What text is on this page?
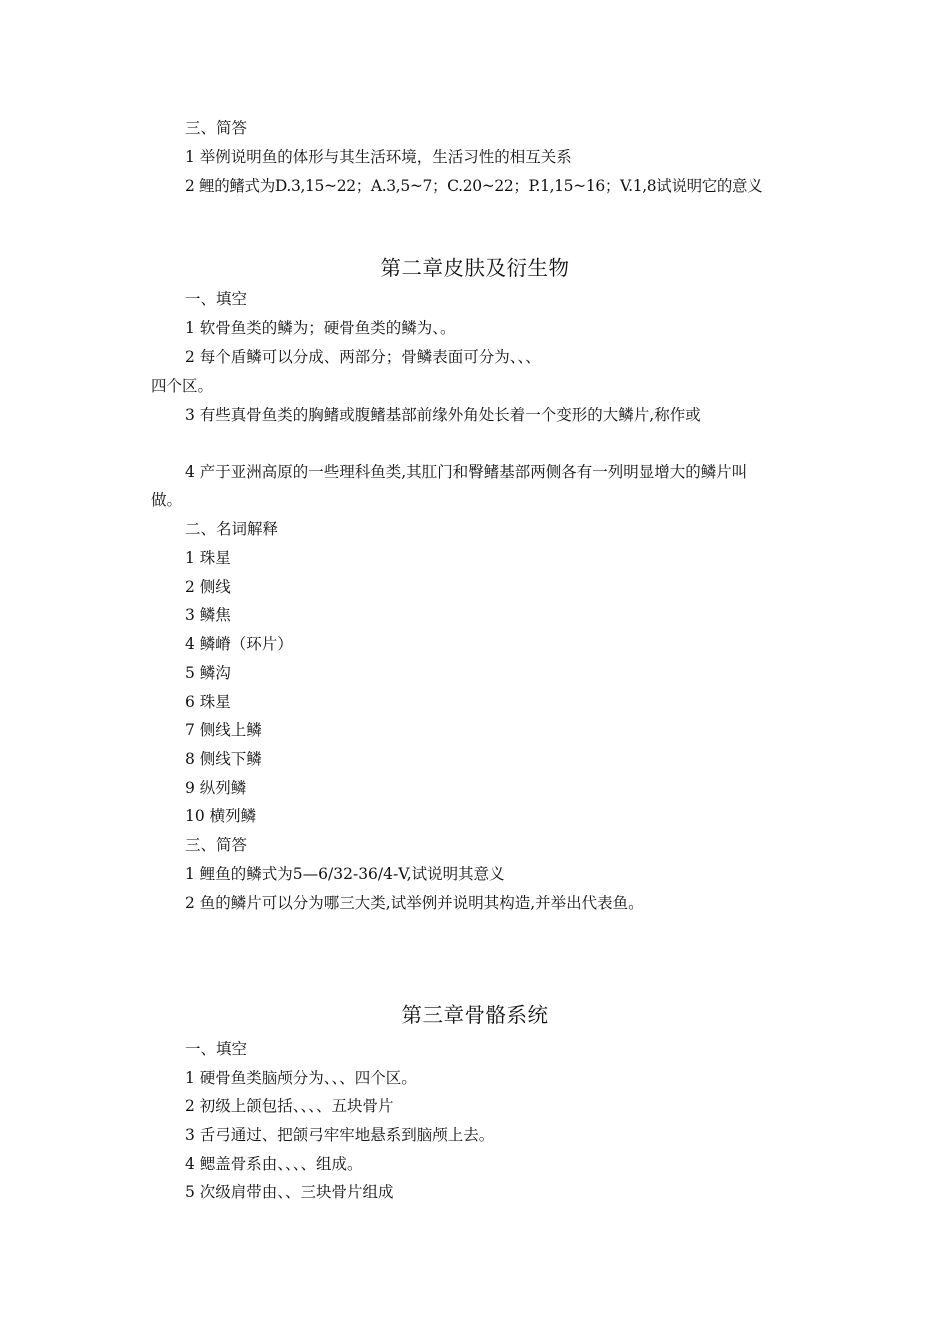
三、简答
1 举例说明鱼的体形与其生活环境，生活习性的相互关系
2 鲤的鳍式为D.3,15~22；A.3,5~7；C.20~22；P.1,15~16；V.1,8试说明它的意义
第二章皮肤及衍生物
一、填空
1 软骨鱼类的鳞为；硬骨鱼类的鳞为、。
2 每个盾鳞可以分成、两部分；骨鳞表面可分为、、、
四个区。
3 有些真骨鱼类的胸鳍或腹鳍基部前缘外角处长着一个变形的大鳞片,称作或
4 产于亚洲高原的一些理科鱼类,其肛门和臀鳍基部两侧各有一列明显增大的鳞片叫
做。
二、名词解释
1 珠星
2 侧线
3 鳞焦
4 鳞嵴（环片）
5 鳞沟
6 珠星
7 侧线上鳞
8 侧线下鳞
9 纵列鳞
10 横列鳞
三、简答
1 鲤鱼的鳞式为5—6/32-36/4-V,试说明其意义
2 鱼的鳞片可以分为哪三大类,试举例并说明其构造,并举出代表鱼。
第三章骨骼系统
一、填空
1 硬骨鱼类脑颅分为、、、四个区。
2 初级上颌包括、、、、五块骨片
3 舌弓通过、把颌弓牢牢地悬系到脑颅上去。
4 鳃盖骨系由、、、、组成。
5 次级肩带由、、三块骨片组成
